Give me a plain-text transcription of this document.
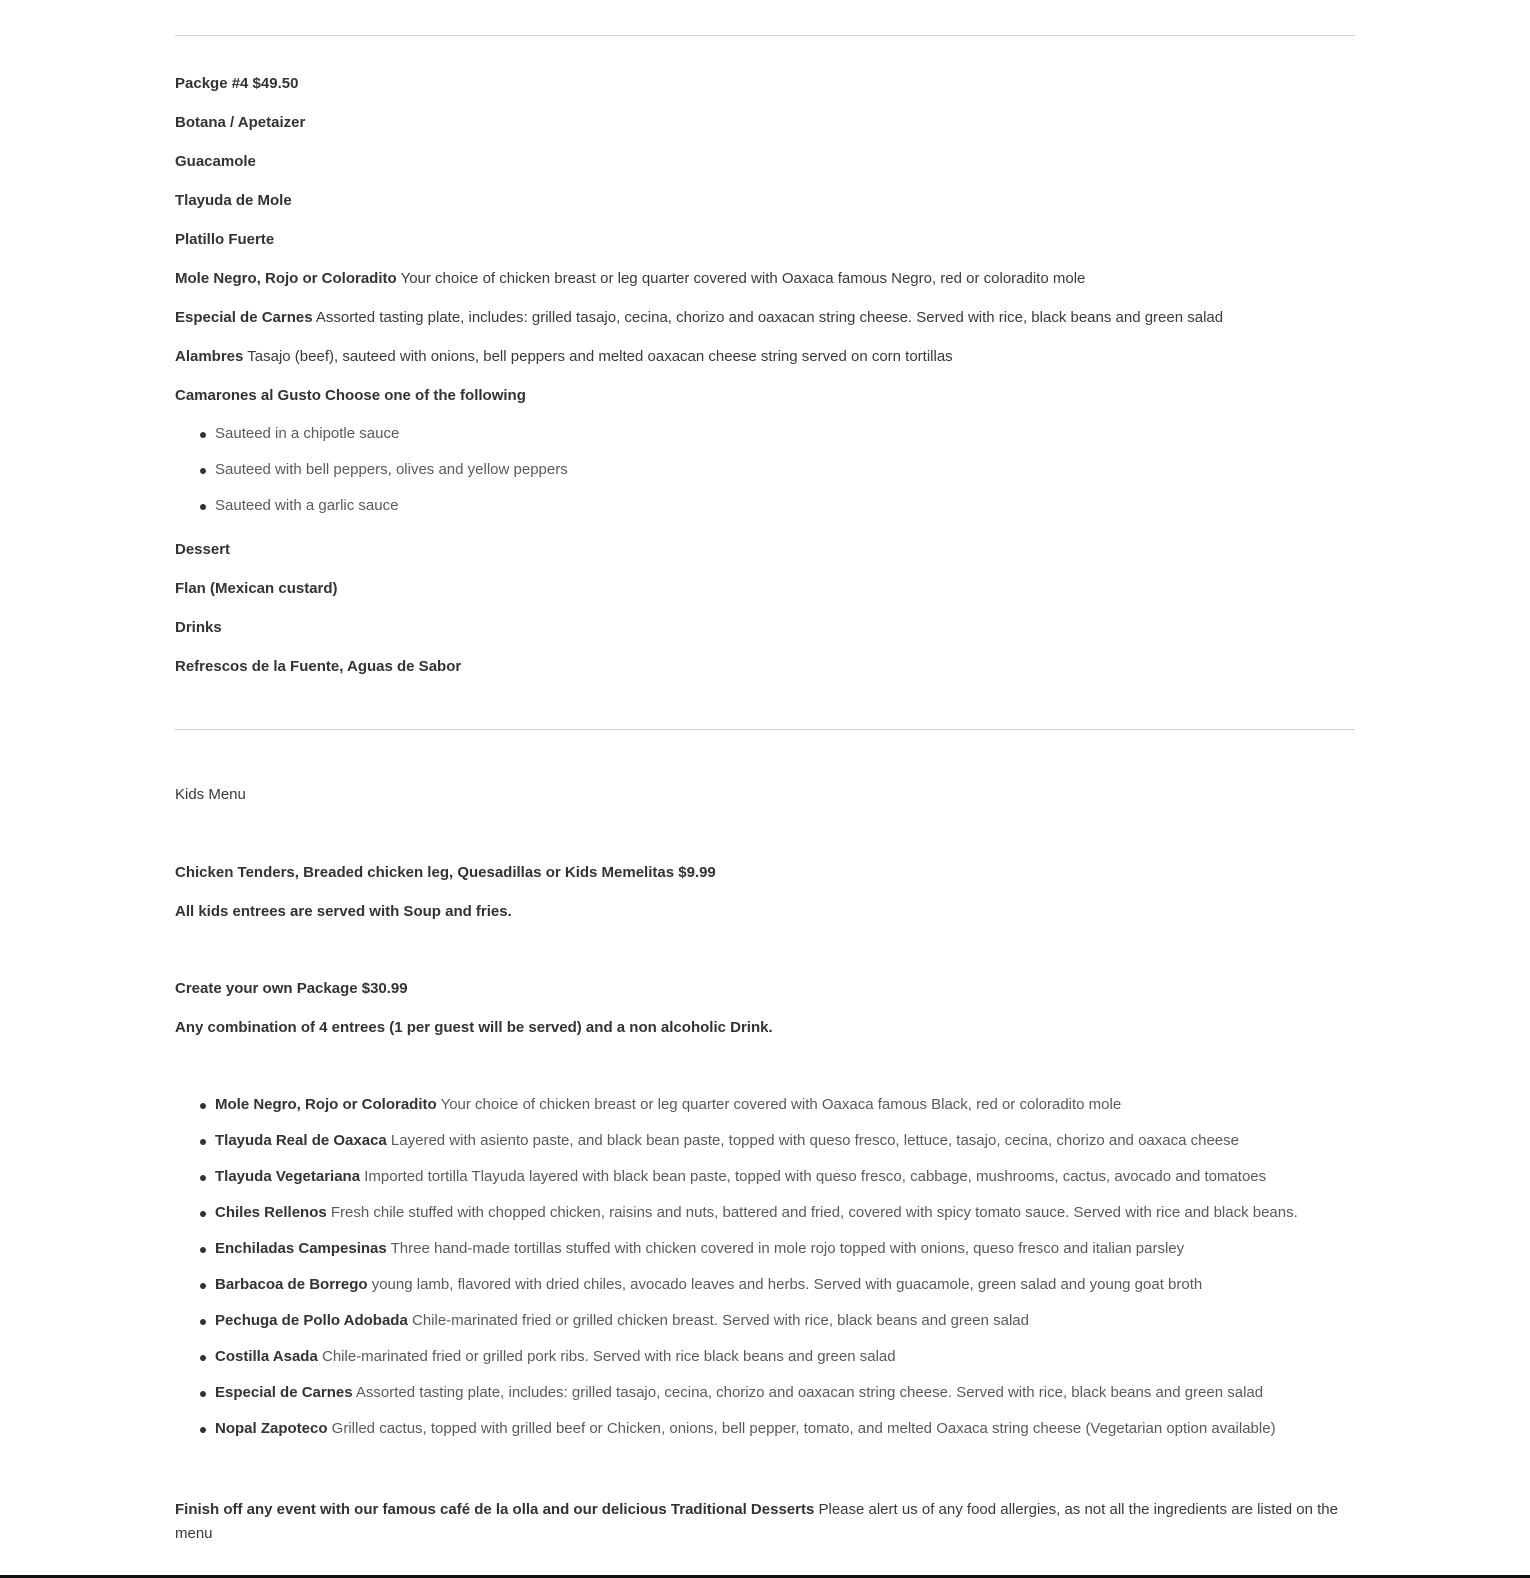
Packge #4 $49.50
Botana / Apetaizer
Guacamole
Tlayuda de Mole
Platillo Fuerte
Mole Negro, Rojo or Coloradito Your choice of chicken breast or leg quarter covered with Oaxaca famous Negro, red or coloradito mole
Especial de Carnes Assorted tasting plate, includes: grilled tasajo, cecina, chorizo and oaxacan string cheese. Served with rice, black beans and green salad
Alambres Tasajo (beef), sauteed with onions, bell peppers and melted oaxacan cheese string served on corn tortillas
Camarones al Gusto Choose one of the following
Sauteed in a chipotle sauce
Sauteed with bell peppers, olives and yellow peppers
Sauteed with a garlic sauce
Dessert
Flan (Mexican custard)
Drinks
Refrescos de la Fuente, Aguas de Sabor
Kids Menu
Chicken Tenders, Breaded chicken leg, Quesadillas or Kids Memelitas $9.99
All kids entrees are served with Soup and fries.
Create your own Package $30.99
Any combination of 4 entrees (1 per guest will be served) and a non alcoholic Drink.
Mole Negro, Rojo or Coloradito Your choice of chicken breast or leg quarter covered with Oaxaca famous Black, red or coloradito mole
Tlayuda Real de Oaxaca Layered with asiento paste, and black bean paste, topped with queso fresco, lettuce, tasajo, cecina, chorizo and oaxaca cheese
Tlayuda Vegetariana Imported tortilla Tlayuda layered with black bean paste, topped with queso fresco, cabbage, mushrooms, cactus, avocado and tomatoes
Chiles Rellenos Fresh chile stuffed with chopped chicken, raisins and nuts, battered and fried, covered with spicy tomato sauce. Served with rice and black beans.
Enchiladas Campesinas Three hand-made tortillas stuffed with chicken covered in mole rojo topped with onions, queso fresco and italian parsley
Barbacoa de Borrego young lamb, flavored with dried chiles, avocado leaves and herbs. Served with guacamole, green salad and young goat broth
Pechuga de Pollo Adobada Chile-marinated fried or grilled chicken breast. Served with rice, black beans and green salad
Costilla Asada Chile-marinated fried or grilled pork ribs. Served with rice black beans and green salad
Especial de Carnes Assorted tasting plate, includes: grilled tasajo, cecina, chorizo and oaxacan string cheese. Served with rice, black beans and green salad
Nopal Zapoteco Grilled cactus, topped with grilled beef or Chicken, onions, bell pepper, tomato, and melted Oaxaca string cheese (Vegetarian option available)
Finish off any event with our famous café de la olla and our delicious Traditional Desserts Please alert us of any food allergies, as not all the ingredients are listed on the menu
